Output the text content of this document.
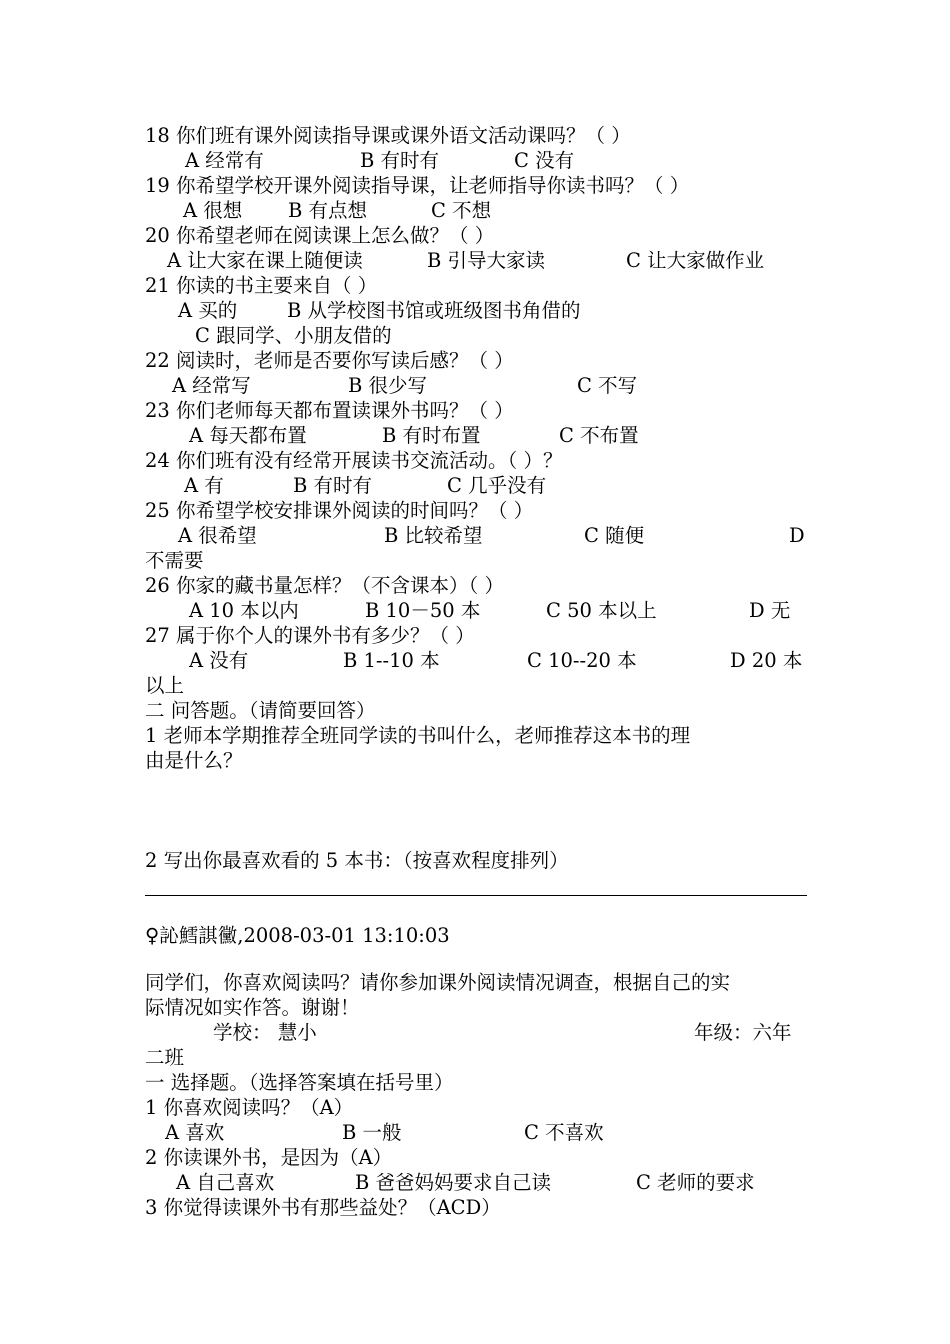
18 你们班有课外阅读指导课或课外语文活动课吗？（ ）
A 经常有	B 有时有	C 没有
19 你希望学校开课外阅读指导课，让老师指导你读书吗？（ ）
A 很想 B 有点想	C 不想
20 你希望老师在阅读课上怎么做？（ ）
A 让大家在课上随便读	B 引导大家读	C 让大家做作业
21 你读的书主要来自（ ）
A 买的	B 从学校图书馆或班级图书角借的
C 跟同学、小朋友借的
22 阅读时，老师是否要你写读后感？（ ）
A 经常写	B 很少写	C 不写
23 你们老师每天都布置读课外书吗？（ ）
A 每天都布置	B 有时布置	C 不布置
24 你们班有没有经常开展读书交流活动。（ ）？
A 有	B 有时有	C 几乎没有
25 你希望学校安排课外阅读的时间吗？（ ）
A 很希望	B 比较希望	C 随便	D
不需要
26 你家的藏书量怎样？（不含课本）（ ）
A 10 本以内	B 10－50 本	C 50 本以上	D 无
27 属于你个人的课外书有多少？（ ）
A 没有	B 1--10 本	C 10--20 本	D 20 本
以上
二 问答题。（请简要回答）
1 老师本学期推荐全班同学读的书叫什么，老师推荐这本书的理
由是什么？
2 写出你最喜欢看的 5 本书：（按喜欢程度排列）
♀訫鱈諆黴,2008-03-01 13:10:03
同学们，你喜欢阅读吗？请你参加课外阅读情况调查，根据自己的实
际情况如实作答。谢谢！
学校： 慧小	年级：六年
二班
一 选择题。（选择答案填在括号里）
1 你喜欢阅读吗？（A）
A 喜欢	B 一般	C 不喜欢
2 你读课外书，是因为（A）
A 自己喜欢	B 爸爸妈妈要求自己读	C 老师的要求
3 你觉得读课外书有那些益处？（ACD）
